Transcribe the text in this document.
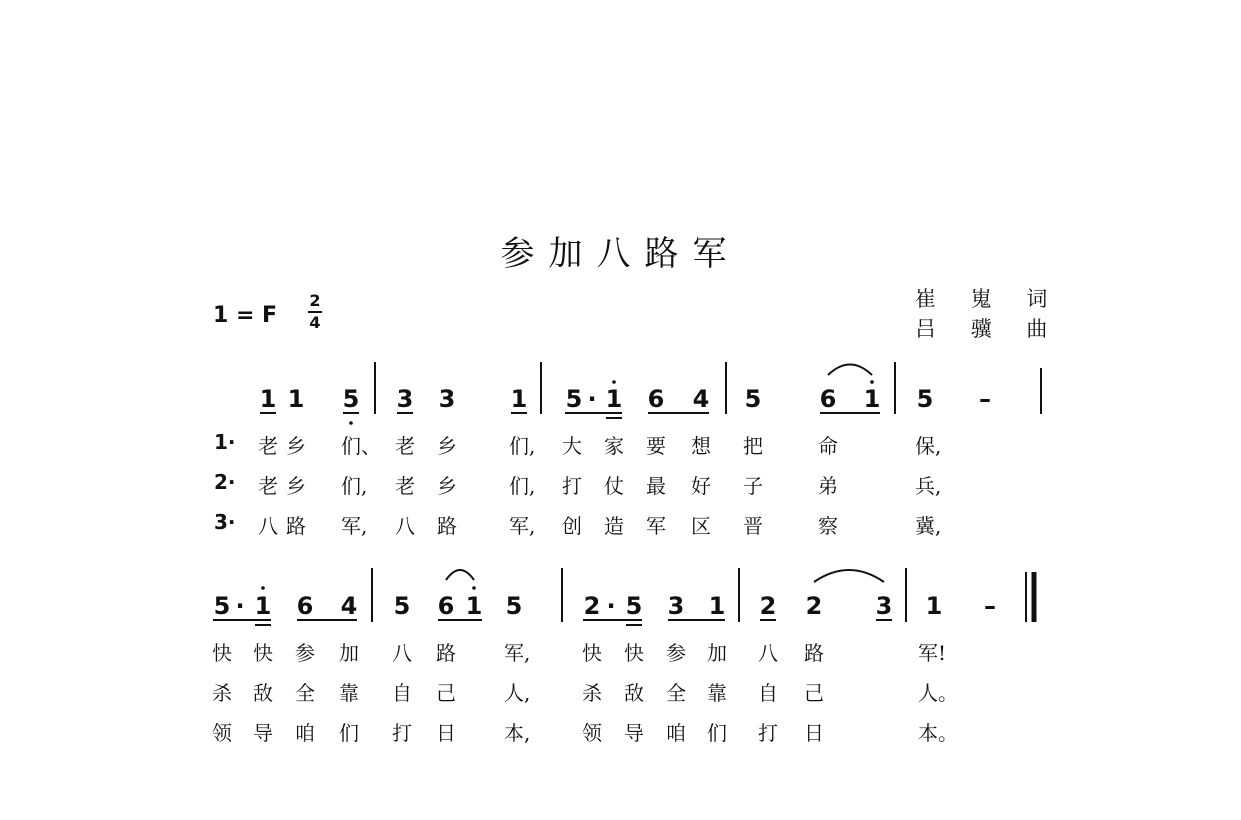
参加八路军
崔 嵬 词
吕 骥 曲
1 = F
2
4
1 1 5 3 3 1 5 · 1 6 4 5 6 1 5 –
5 · 1 6 4 5 6 1 5	2 · 5 3 1 2 2 3 1 –
1· 老 乡 们、 老 乡	们, 大 家 要 想 把	命	保,
2· 老 乡 们, 老 乡	们, 打 仗 最 好 子	弟	兵,
3· 八 路 军, 八 路	军, 创 造 军 区 晋	察	冀,
快 快 参 加 八 路 军,	快 快 参 加 八 路	军!
杀 敌 全 靠 自 己 人,	杀 敌 全 靠 自 己	人。
领 导 咱 们 打 日 本,	领 导 咱 们 打 日	本。
